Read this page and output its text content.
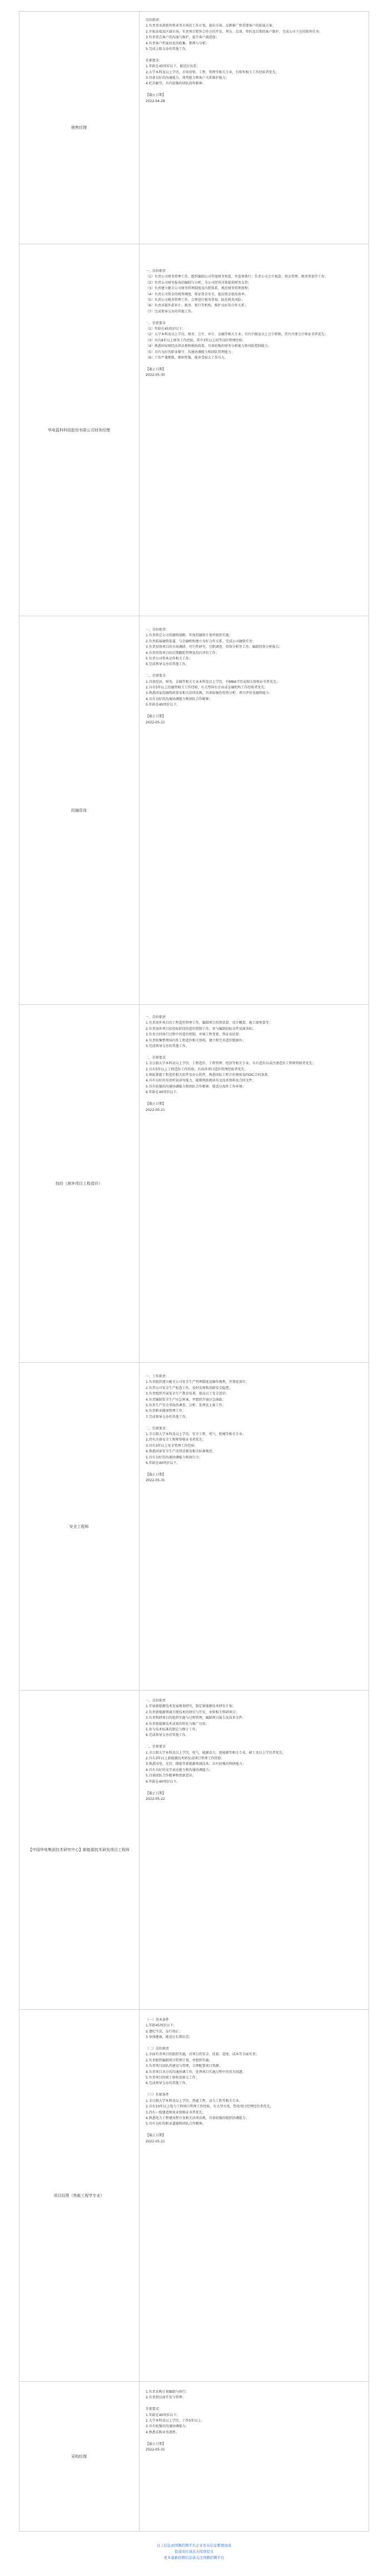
销售经理

岗位职责：
1.负责事业部销售和业务市场的工作计划，提出市场、品牌推广和重要客户的拓展方案；
2.开拓高端及区域市场，负责项目销售合作方的开发、拜访、洽谈、签约及后期的客户维护，完成公司下达的销售任务；
3.负责重点客户的沟通与维护，提升客户满意度；
4.负责客户档案信息的收集、整理与分析；
5.完成上级交办的其他工作。

任职要求：
1.年龄在45周岁以下，能适应出差；
2.大学本科及以上学历，市场营销、工程、管理等相关专业，有销售相关工作经验者优先；
3.具备良好的沟通能力、谈判能力和客户关系维护能力；
4.吃苦耐劳，具有较强的团队协作精神。

【截止日期】
2022-04-28

华电蓝科科技股份有限公司财务经理

一、岗位职责
（1）负责公司财务管理工作，组织编制公司年度财务预算，并监督执行；负责公司会计核算、资金管理、税务筹划等工作；
（2）负责公司财务报表的编制与分析，为公司经营决策提供财务支持；
（3）负责建立健全公司财务管理制度及内控体系，规范财务管理流程；
（4）负责公司资金的统筹调度，保证资金安全，提高资金使用效率；
（5）负责公司税务管理工作，合理进行税务筹划，防范税务风险；
（6）负责对接外部审计、税务、银行等机构，维护良好的合作关系；
（7）完成领导交办的其他工作。

二、任职要求
（1）年龄在45周岁以下；
（2）大学本科及以上学历，财务、会计、审计、金融等相关专业；具有中级及以上会计职称，持有注册会计师证书者优先；
（3）具有8年以上财务工作经验，其中3年以上同等岗位管理经验；
（4）熟悉国家财经法律法规和税收政策，具备较强的财务分析能力和风险控制能力；
（5）具有良好的职业操守、沟通协调能力和团队管理能力；
（6）工作严谨细致，原则性强，能承受较大工作压力。

【截止日期】
2022-05-30

投融资岗

一、岗位职责：
1.负责拟定公司投融资战略、年度投融资计划并组织实施；
2.负责拓展融资渠道，与金融机构建立良好合作关系，完成公司融资任务；
3.负责投资项目的市场调研、可行性研究、尽职调查、投资分析等工作，编制投资分析报告；
4.负责投资项目的后期跟踪管理及投后评价工作；
5.负责公司资本运作相关工作；
6.完成领导交办的其他工作。

二、任职要求：
1.具备经济、财务、金融等相关专业本科及以上学历，有MBA学历或相关资格证书者优先；
2.具有5年以上投融资相关工作经验，有大型国有企业或金融机构工作经验者优先；
3.熟悉国家投融资政策及相关法律法规，具备较强的投资分析、项目评估及融资能力；
4.具有良好的沟通协调能力和团队合作精神；
5.年龄在40周岁以下。

【截止日期】
2022-05-21

技经（海外项目工程造价）

一、岗位职责
1.负责海外项目的工程造价管理工作，编制项目投资估算、设计概算、施工图预算等；
2.负责海外项目招投标阶段的造价控制工作，参与编制招标文件及商务标；
3.负责合同执行过程中的造价控制，审核工程变更、签证及结算；
4.负责收集整理国内外工程造价相关资料，建立和完善造价数据库；
5.完成领导交办的其他工作。

二、任职要求
1.全日制大学本科及以上学历，工程造价、工程管理、经济等相关专业，具有造价员或注册造价工程师资格者优先；
2.具有5年以上工程造价工作经验，有海外项目造价管理经验者优先；
3.熟练掌握工程造价相关软件及办公软件，熟悉国际工程计价规则及FIDIC合同条款；
4.具有良好的英语听说读写能力，能够熟练阅读英文技术资料及合同文件；
5.具有较强的沟通协调能力和团队合作精神，能适应海外工作环境；
6.年龄在40周岁以下。

【截止日期】
2022-05-21

安全工程师

一、工作职责：
1.负责组织建立健全公司安全生产管理制度及操作规程，并督促落实；
2.负责公司安全生产检查工作，及时发现和消除安全隐患；
3.负责组织开展安全生产教育培训，提高员工安全意识；
4.负责编制安全生产应急预案，并组织开展应急演练；
5.负责生产安全事故的调查、分析、处理及上报工作；
6.负责职业健康管理工作；
7.完成领导交办的其他工作。

二、任职要求：
1.全日制大学本科及以上学历，安全工程、电气、机械等相关专业；
2.持有注册安全工程师资格证书者优先；
3.具有3年以上安全管理工作经验；
4.熟悉国家安全生产法律法规及相关标准规范；
5.具有良好的沟通协调能力和执行力；
6.年龄在40周岁以下。

【截止日期】
2022-05-31

【中国华电集团技术研究中心】新能源技术研发项目工程师

一、岗位职责
1.开展新能源技术发展规划研究，制定新能源技术研发计划；
2.负责新能源领域关键技术的研究与开发，承担相关科研项目；
3.负责科研项目的组织实施与过程管理，编制项目报告及技术文件；
4.负责新能源技术成果的转化与推广应用；
5.参与技术标准的制定与修订工作；
6.完成领导交办的其他工作。

二、任职要求
1.全日制大学本科及以上学历，电气、能源动力、新能源等相关专业，硕士及以上学历者优先；
2.具有3年以上新能源技术研发或项目管理工作经验；
3.熟悉风电、光伏、储能等新能源领域技术，具有较强的科研能力；
4.具有良好的文字表达能力和沟通协调能力；
5.具备团队合作精神和创新意识；
6.年龄在40周岁以下。

【截止日期】
2022-05-22

项目经理（热能工程学专业）

（一）基本条件
1.年龄45周岁以下；
2.遵纪守法，品行端正；
3.身体健康，能适应长期出差；

（二）岗位职责
1.全面负责项目的组织实施，对项目的安全、质量、进度、成本等全面负责；
2.负责组织编制项目管理计划，并组织实施；
3.负责项目团队的建设与管理，合理配置项目资源；
4.负责项目各方的沟通协调工作，处理项目实施过程中的重大问题；
5.负责项目的竣工验收及移交工作；
6.完成领导交办的其他工作。

（三）任职条件
1.全日制大学本科及以上学历，热能工程、动力工程等相关专业；
2.具有10年以上电力工程项目管理工作经验，有大型火电、热电项目经理经历者优先；
3.持有一级建造师执业资格证书者优先；
4.熟悉电力工程建设程序及相关法律法规，具备较强的组织协调能力；
5.具有良好的职业道德和团队合作精神。

【截止日期】
2022-05-21

采购经理

1.负责采购计划编制与执行；
2.负责供应商开发与管理；

任职要求：
1.年龄在40周岁以下；
2.大学本科及以上学历，工作5年以上；
3.具有较强的沟通协调能力；
4.熟悉采购业务流程。

【截止日期】
2022-05-31

以上信息由国聘招聘平台企业发布信息整理而成
投递岗位请点击阅读原文
更多最新招聘信息请关注国聘招聘平台
